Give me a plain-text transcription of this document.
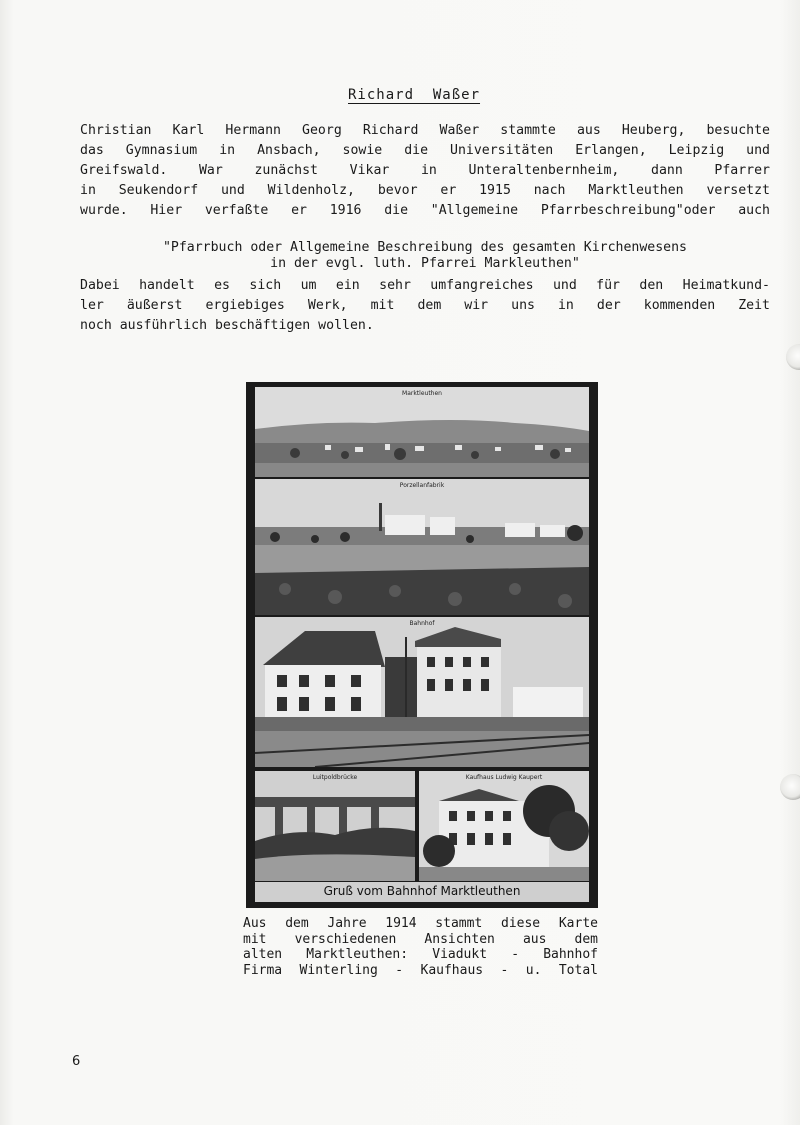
Richard  Waßer
Christian Karl Hermann Georg Richard Waßer stammte aus Heuberg, besuchte
das Gymnasium in Ansbach, sowie die Universitäten Erlangen, Leipzig und
Greifswald. War zunächst Vikar in Unteraltenbernheim, dann Pfarrer
in Seukendorf und Wildenholz, bevor er 1915 nach Marktleuthen versetzt
wurde. Hier verfaßte er 1916 die "Allgemeine Pfarrbeschreibung"oder auch
"Pfarrbuch oder Allgemeine Beschreibung des gesamten Kirchenwesens
in der evgl. luth. Pfarrei Markleuthen"
Dabei handelt es sich um ein sehr umfangreiches und für den Heimatkund-
ler äußerst ergiebiges Werk, mit dem wir uns in der kommenden Zeit
noch ausführlich beschäftigen wollen.
Marktleuthen
Porzellanfabrik
Bahnhof
Luitpoldbrücke	Kaufhaus Ludwig Kaupert
Gruß vom Bahnhof Marktleuthen
Aus dem Jahre 1914 stammt diese Karte
mit verschiedenen Ansichten aus dem
alten Marktleuthen: Viadukt - Bahnhof
Firma Winterling - Kaufhaus - u. Total
6
